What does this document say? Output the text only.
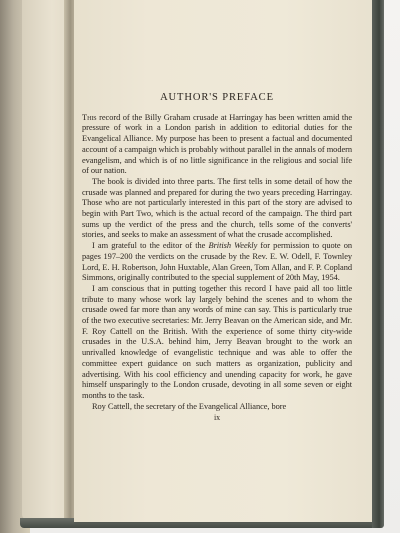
AUTHOR'S PREFACE

This record of the Billy Graham crusade at Harringay has been written amid the pressure of work in a London parish in addition to editorial duties for the Evangelical Alliance. My purpose has been to present a factual and documented account of a campaign which is probably without parallel in the annals of modern evangelism, and which is of no little significance in the religious and social life of our nation.

The book is divided into three parts. The first tells in some detail of how the crusade was planned and prepared for during the two years preceding Harringay. Those who are not particularly interested in this part of the story are advised to begin with Part Two, which is the actual record of the campaign. The third part sums up the verdict of the press and the church, tells some of the converts' stories, and seeks to make an assessment of what the crusade accomplished.

I am grateful to the editor of the British Weekly for permission to quote on pages 197–200 the verdicts on the crusade by the Rev. E. W. Odell, F. Townley Lord, E. H. Robertson, John Huxtable, Alan Green, Tom Allan, and F. P. Copland Simmons, originally contributed to the special supplement of 20th May, 1954.

I am conscious that in putting together this record I have paid all too little tribute to many whose work lay largely behind the scenes and to whom the crusade owed far more than any words of mine can say. This is particularly true of the two executive secretaries: Mr. Jerry Beavan on the American side, and Mr. F. Roy Cattell on the British. With the experience of some thirty city-wide crusades in the U.S.A. behind him, Jerry Beavan brought to the work an unrivalled knowledge of evangelistic technique and was able to offer the committee expert guidance on such matters as organization, publicity and advertising. With his cool efficiency and unending capacity for work, he gave himself unsparingly to the London crusade, devoting in all some seven or eight months to the task.

Roy Cattell, the secretary of the Evangelical Alliance, bore

ix
